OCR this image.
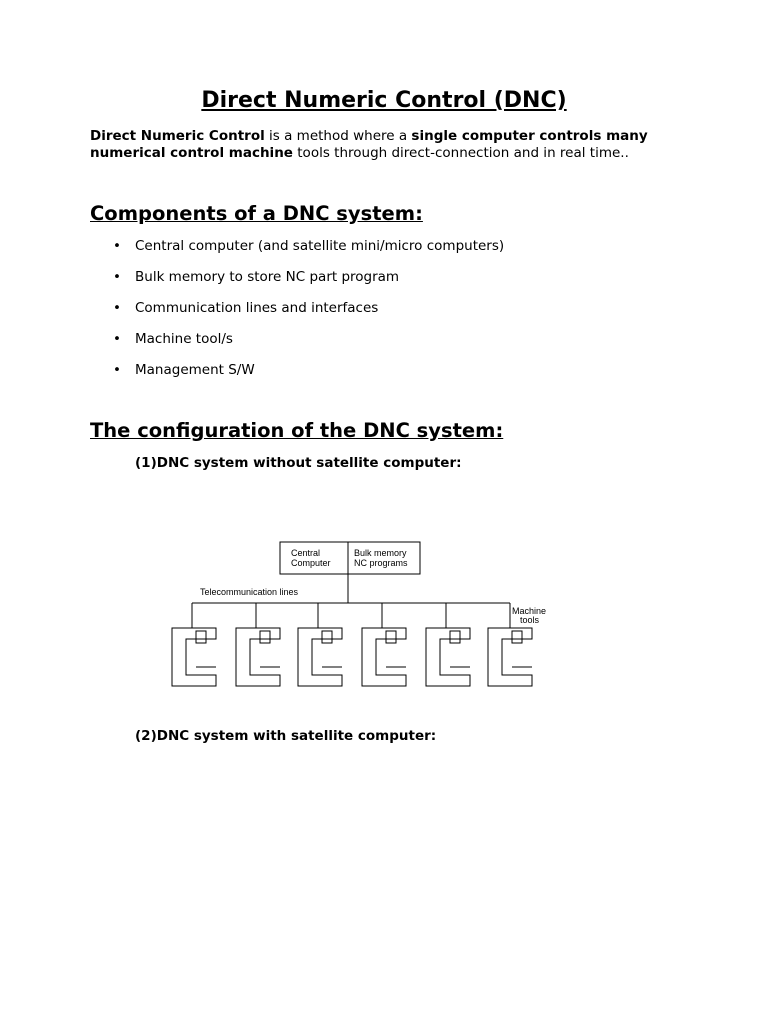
Direct Numeric Control (DNC)

Direct Numeric Control is a method where a single computer controls many numerical control machine tools through direct-connection and in real time..

Components of a DNC system:
• Central computer (and satellite mini/micro computers)
• Bulk memory to store NC part program
• Communication lines and interfaces
• Machine tool/s
• Management S/W
The configuration of the DNC system:

(1)DNC system without satellite computer:

Central
Computer
Bulk memory
NC programs
Telecommunication lines
Machine
tools

(2)DNC system with satellite computer:
